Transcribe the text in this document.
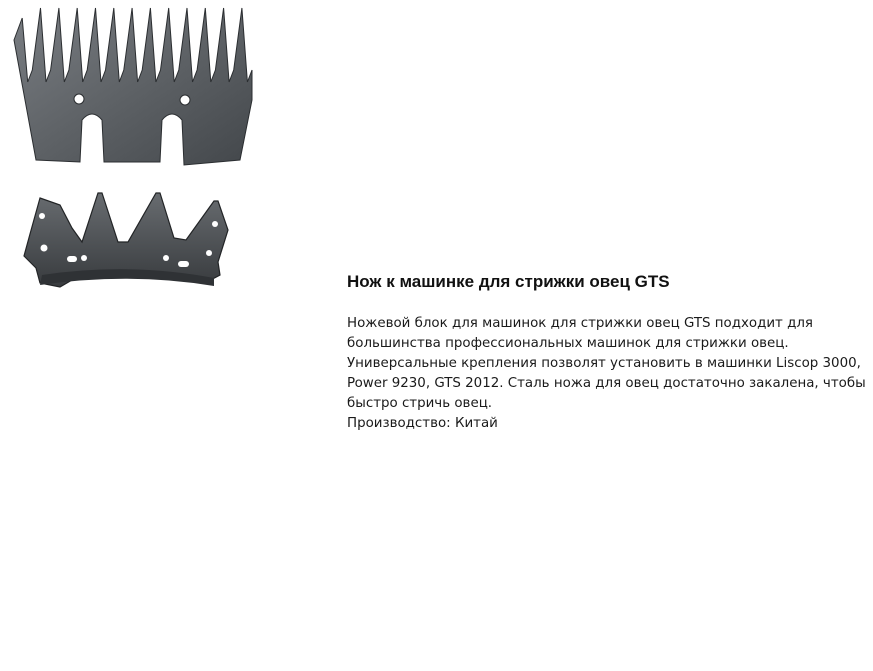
Нож к машинке для стрижки овец GTS

Ножевой блок для машинок для стрижки овец GTS подходит для
большинства профессиональных машинок для стрижки овец.
Универсальные крепления позволят установить в машинки Liscop 3000,
Power 9230, GTS 2012. Сталь ножа для овец достаточно закалена, чтобы
быстро стричь овец.
Производство: Китай
